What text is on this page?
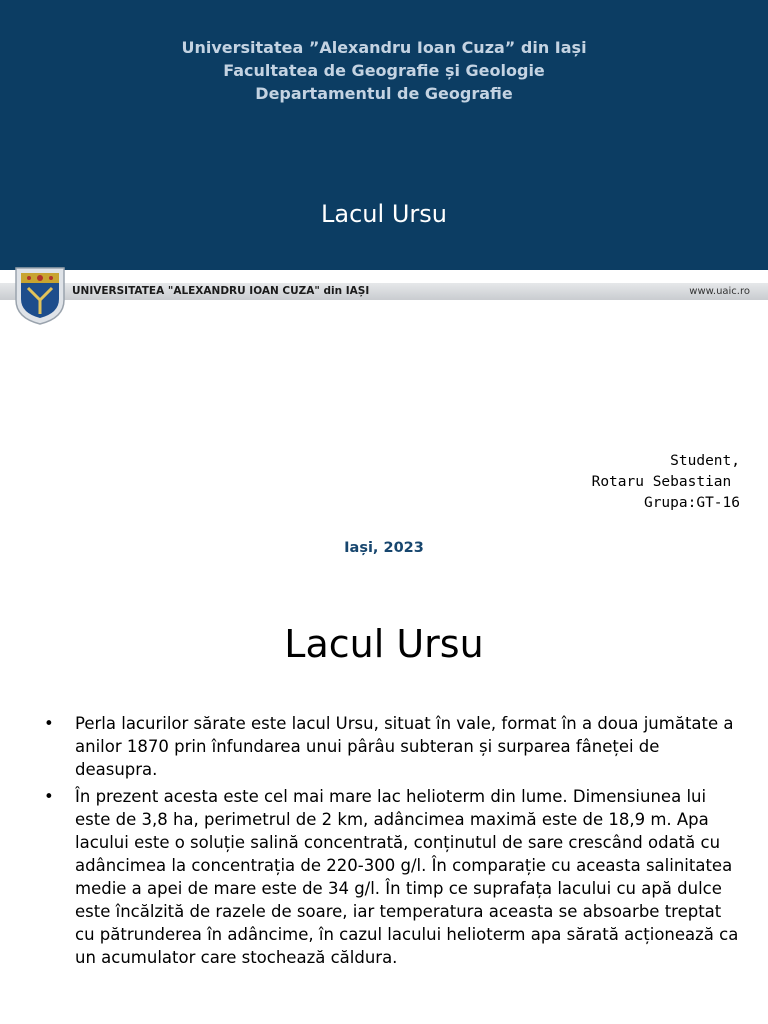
Universitatea ”Alexandru Ioan Cuza” din Iași
Facultatea de Geografie și Geologie
Departamentul de Geografie
Lacul Ursu
UNIVERSITATEA "ALEXANDRU IOAN CUZA" din IAȘI	www.uaic.ro
Student,
Rotaru Sebastian
Grupa:GT-16
Iași, 2023
Lacul Ursu
• Perla lacurilor sărate este lacul Ursu, situat în vale, format în a doua jumătate a anilor 1870 prin înfundarea unui pârâu subteran și surparea fâneței de deasupra.
• În prezent acesta este cel mai mare lac helioterm din lume. Dimensiunea lui este de 3,8 ha, perimetrul de 2 km, adâncimea maximă este de 18,9 m. Apa lacului este o soluție salină concentrată, conținutul de sare crescând odată cu adâncimea la concentrația de 220-300 g/l. În comparație cu aceasta salinitatea medie a apei de mare este de 34 g/l. În timp ce suprafața lacului cu apă dulce este încălzită de razele de soare, iar temperatura aceasta se absoarbe treptat cu pătrunderea în adâncime, în cazul lacului helioterm apa sărată acționează ca un acumulator care stochează căldura.
